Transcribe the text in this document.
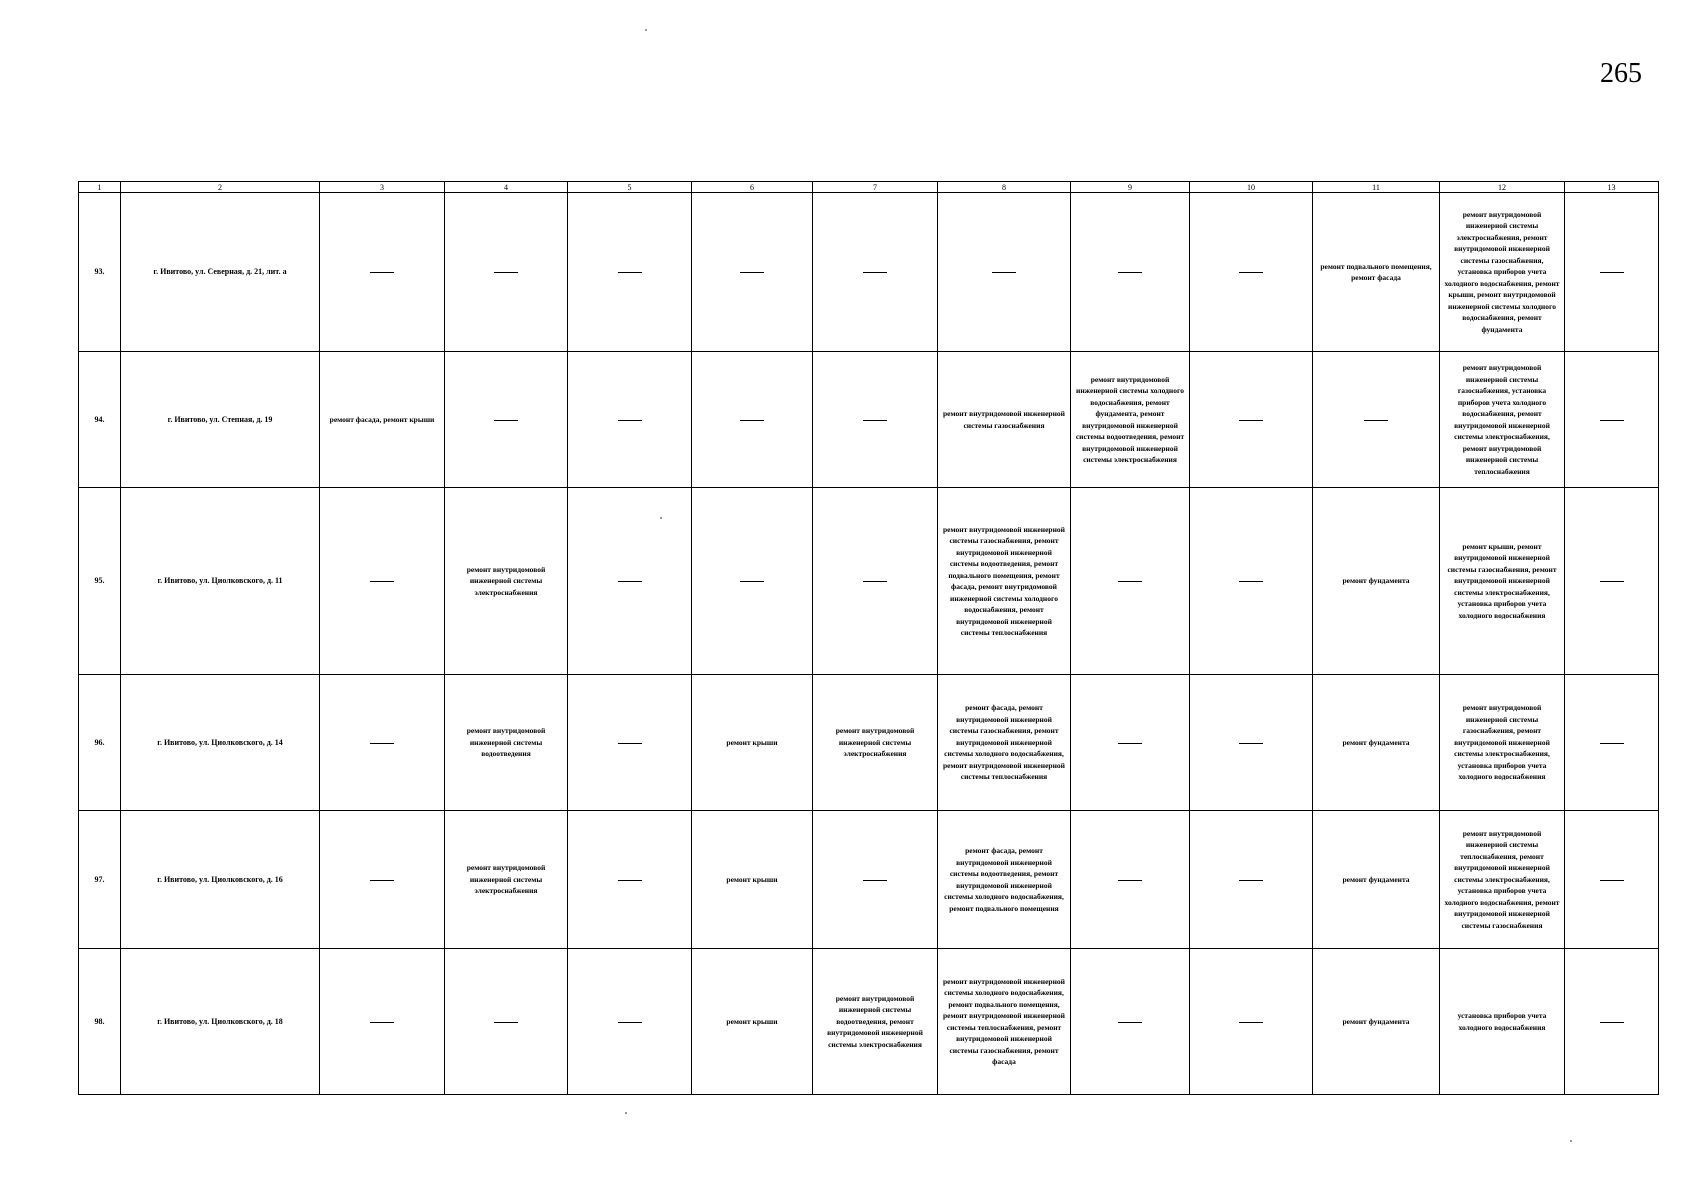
265
1	2	3	4	5	6	7	8	9	10	11	12	13
93.	г. Ивитово, ул. Северная, д. 21, лит. а									ремонт подвального помещения, ремонт фасада	ремонт внутридомовой инженерной системы электроснабжения, ремонт внутридомовой инженерной системы газоснабжения, установка приборов учета холодного водоснабжения, ремонт крыши, ремонт внутридомовой инженерной системы холодного водоснабжения, ремонт фундамента	
94.	г. Ивитово, ул. Степная, д. 19	ремонт фасада, ремонт крыши					ремонт внутридомовой инженерной системы газоснабжения	ремонт внутридомовой инженерной системы холодного водоснабжения, ремонт фундамента, ремонт внутридомовой инженерной системы водоотведения, ремонт внутридомовой инженерной системы электроснабжения			ремонт внутридомовой инженерной системы газоснабжения, установка приборов учета холодного водоснабжения, ремонт внутридомовой инженерной системы электроснабжения, ремонт внутридомовой инженерной системы теплоснабжения	
95.	г. Ивитово, ул. Циолковского, д. 11		ремонт внутридомовой инженерной системы электроснабжения				ремонт внутридомовой инженерной системы газоснабжения, ремонт внутридомовой инженерной системы водоотведения, ремонт подвального помещения, ремонт фасада, ремонт внутридомовой инженерной системы холодного водоснабжения, ремонт внутридомовой инженерной системы теплоснабжения			ремонт фундамента	ремонт крыши, ремонт внутридомовой инженерной системы газоснабжения, ремонт внутридомовой инженерной системы электроснабжения, установка приборов учета холодного водоснабжения	
96.	г. Ивитово, ул. Циолковского, д. 14		ремонт внутридомовой инженерной системы водоотведения		ремонт крыши	ремонт внутридомовой инженерной системы электроснабжения	ремонт фасада, ремонт внутридомовой инженерной системы газоснабжения, ремонт внутридомовой инженерной системы холодного водоснабжения, ремонт внутридомовой инженерной системы теплоснабжения			ремонт фундамента	ремонт внутридомовой инженерной системы газоснабжения, ремонт внутридомовой инженерной системы электроснабжения, установка приборов учета холодного водоснабжения	
97.	г. Ивитово, ул. Циолковского, д. 16		ремонт внутридомовой инженерной системы электроснабжения		ремонт крыши		ремонт фасада, ремонт внутридомовой инженерной системы водоотведения, ремонт внутридомовой инженерной системы холодного водоснабжения, ремонт подвального помещения			ремонт фундамента	ремонт внутридомовой инженерной системы теплоснабжения, ремонт внутридомовой инженерной системы электроснабжения, установка приборов учета холодного водоснабжения, ремонт внутридомовой инженерной системы газоснабжения	
98.	г. Ивитово, ул. Циолковского, д. 18				ремонт крыши	ремонт внутридомовой инженерной системы водоотведения, ремонт внутридомовой инженерной системы электроснабжения	ремонт внутридомовой инженерной системы холодного водоснабжения, ремонт подвального помещения, ремонт внутридомовой инженерной системы теплоснабжения, ремонт внутридомовой инженерной системы газоснабжения, ремонт фасада			ремонт фундамента	установка приборов учета холодного водоснабжения	
